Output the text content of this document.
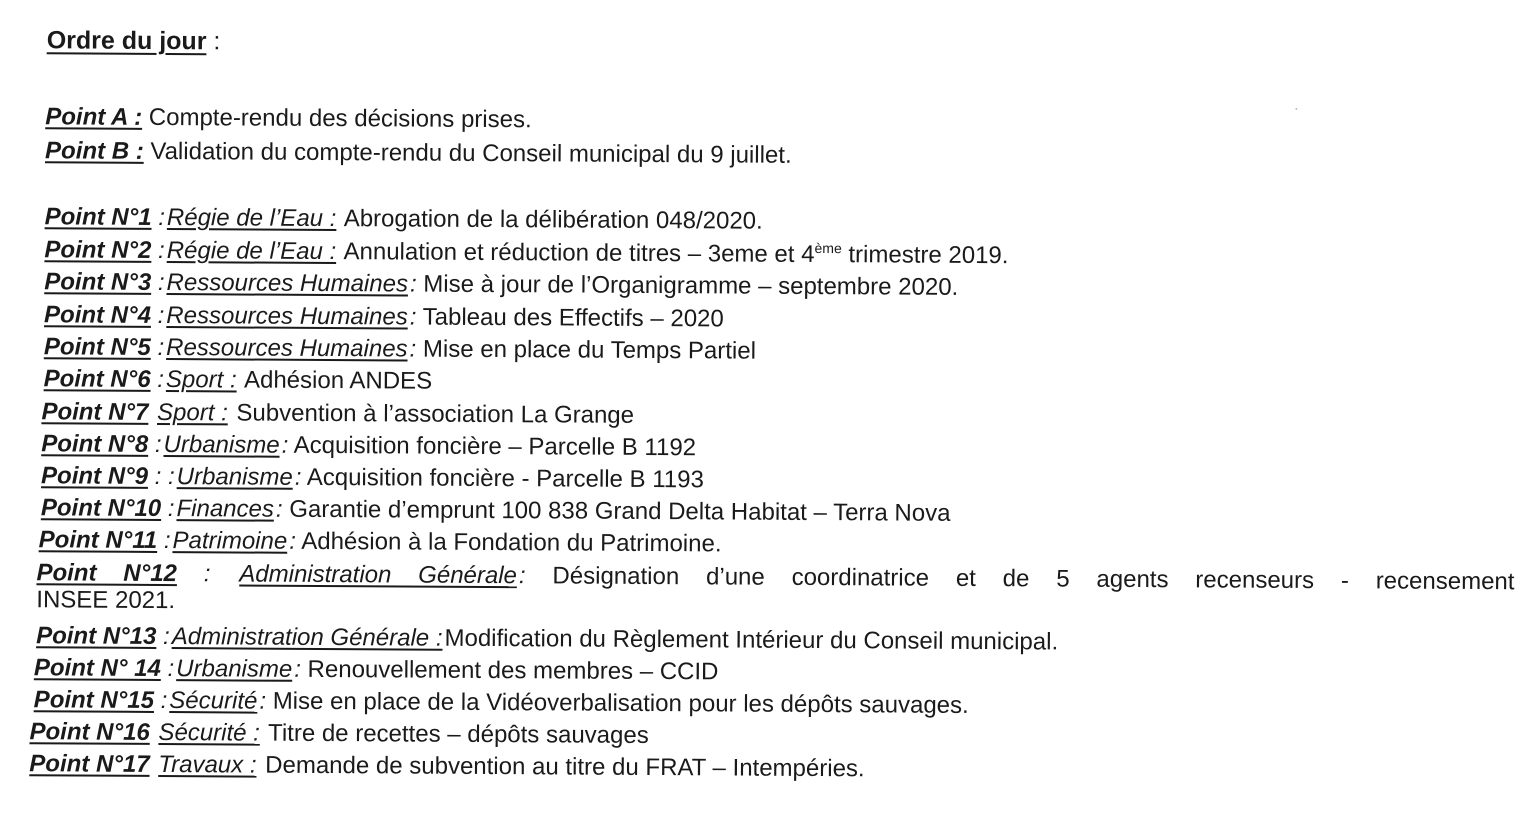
Ordre du jour :
Point A : Compte-rendu des décisions prises.
Point B : Validation du compte-rendu du Conseil municipal du 9 juillet.
Point N°1 :Régie de l’Eau : Abrogation de la délibération 048/2020.
Point N°2 :Régie de l’Eau : Annulation et réduction de titres – 3eme et 4ème trimestre 2019.
Point N°3 :Ressources Humaines: Mise à jour de l’Organigramme – septembre 2020.
Point N°4 :Ressources Humaines: Tableau des Effectifs – 2020
Point N°5 :Ressources Humaines: Mise en place du Temps Partiel
Point N°6 :Sport : Adhésion ANDES
Point N°7 Sport : Subvention à l’association La Grange
Point N°8 :Urbanisme: Acquisition foncière – Parcelle B 1192
Point N°9 : :Urbanisme: Acquisition foncière - Parcelle B 1193
Point N°10 :Finances: Garantie d’emprunt 100 838 Grand Delta Habitat – Terra Nova
Point N°11 :Patrimoine: Adhésion à la Fondation du Patrimoine.
Point N°12 : Administration Générale: Désignation d’une coordinatrice et de 5 agents recenseurs - recensement
INSEE 2021.
Point N°13 :Administration Générale :Modification du Règlement Intérieur du Conseil municipal.
Point N° 14 :Urbanisme: Renouvellement des membres – CCID
Point N°15 :Sécurité: Mise en place de la Vidéoverbalisation pour les dépôts sauvages.
Point N°16 Sécurité : Titre de recettes – dépôts sauvages
Point N°17 Travaux : Demande de subvention au titre du FRAT – Intempéries.
